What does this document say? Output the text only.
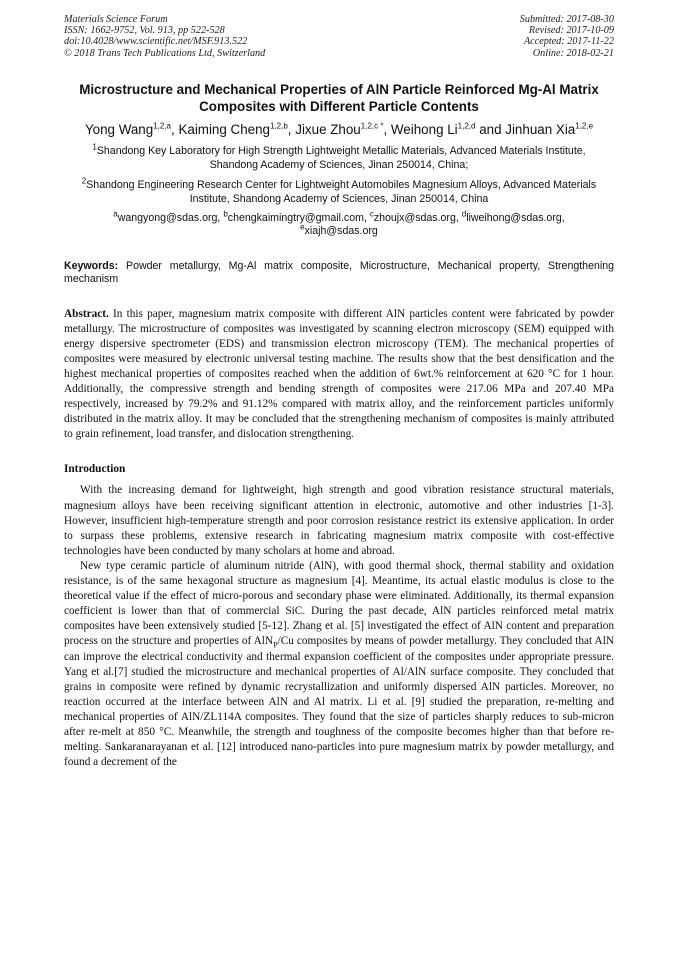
Materials Science Forum
ISSN: 1662-9752, Vol. 913, pp 522-528
doi:10.4028/www.scientific.net/MSF.913.522
© 2018 Trans Tech Publications Ltd, Switzerland
Submitted: 2017-08-30
Revised: 2017-10-09
Accepted: 2017-11-22
Online: 2018-02-21
Microstructure and Mechanical Properties of AlN Particle Reinforced Mg-Al Matrix Composites with Different Particle Contents
Yong Wang$^{1,2,a}$, Kaiming Cheng$^{1,2,b}$, Jixue Zhou$^{1,2,c *}$, Weihong Li$^{1,2,d}$ and Jinhuan Xia$^{1,2,e}$
$^1$Shandong Key Laboratory for High Strength Lightweight Metallic Materials, Advanced Materials Institute, Shandong Academy of Sciences, Jinan 250014, China;
$^2$Shandong Engineering Research Center for Lightweight Automobiles Magnesium Alloys, Advanced Materials Institute, Shandong Academy of Sciences, Jinan 250014, China
$^a$wangyong@sdas.org, $^b$chengkaimingtry@gmail.com, $^c$zhoujx@sdas.org, $^d$liweihong@sdas.org,
$^e$xiajh@sdas.org
Keywords: Powder metallurgy, Mg-Al matrix composite, Microstructure, Mechanical property, Strengthening mechanism
Abstract. In this paper, magnesium matrix composite with different AlN particles content were fabricated by powder metallurgy. The microstructure of composites was investigated by scanning electron microscopy (SEM) equipped with energy dispersive spectrometer (EDS) and transmission electron microscopy (TEM). The mechanical properties of composites were measured by electronic universal testing machine. The results show that the best densification and the highest mechanical properties of composites reached when the addition of 6wt.% reinforcement at 620 °C for 1 hour. Additionally, the compressive strength and bending strength of composites were 217.06 MPa and 207.40 MPa respectively, increased by 79.2% and 91.12% compared with matrix alloy, and the reinforcement particles uniformly distributed in the matrix alloy. It may be concluded that the strengthening mechanism of composites is mainly attributed to grain refinement, load transfer, and dislocation strengthening.
Introduction
With the increasing demand for lightweight, high strength and good vibration resistance structural materials, magnesium alloys have been receiving significant attention in electronic, automotive and other industries [1-3]. However, insufficient high-temperature strength and poor corrosion resistance restrict its extensive application. In order to surpass these problems, extensive research in fabricating magnesium matrix composite with cost-effective technologies have been conducted by many scholars at home and abroad.
New type ceramic particle of aluminum nitride (AlN), with good thermal shock, thermal stability and oxidation resistance, is of the same hexagonal structure as magnesium [4]. Meantime, its actual elastic modulus is close to the theoretical value if the effect of micro-porous and secondary phase were eliminated. Additionally, its thermal expansion coefficient is lower than that of commercial SiC. During the past decade, AlN particles reinforced metal matrix composites have been extensively studied [5-12]. Zhang et al. [5] investigated the effect of AlN content and preparation process on the structure and properties of AlN$_P$/Cu composites by means of powder metallurgy. They concluded that AlN can improve the electrical conductivity and thermal expansion coefficient of the composites under appropriate pressure. Yang et al.[7] studied the microstructure and mechanical properties of Al/AlN surface composite. They concluded that grains in composite were refined by dynamic recrystallization and uniformly dispersed AlN particles. Moreover, no reaction occurred at the interface between AlN and Al matrix. Li et al. [9] studied the preparation, re-melting and mechanical properties of AlN/ZL114A composites. They found that the size of particles sharply reduces to sub-micron after re-melt at 850 °C. Meanwhile, the strength and toughness of the composite becomes higher than that before re-melting. Sankaranarayanan et al. [12] introduced nano-particles into pure magnesium matrix by powder metallurgy, and found a decrement of the
